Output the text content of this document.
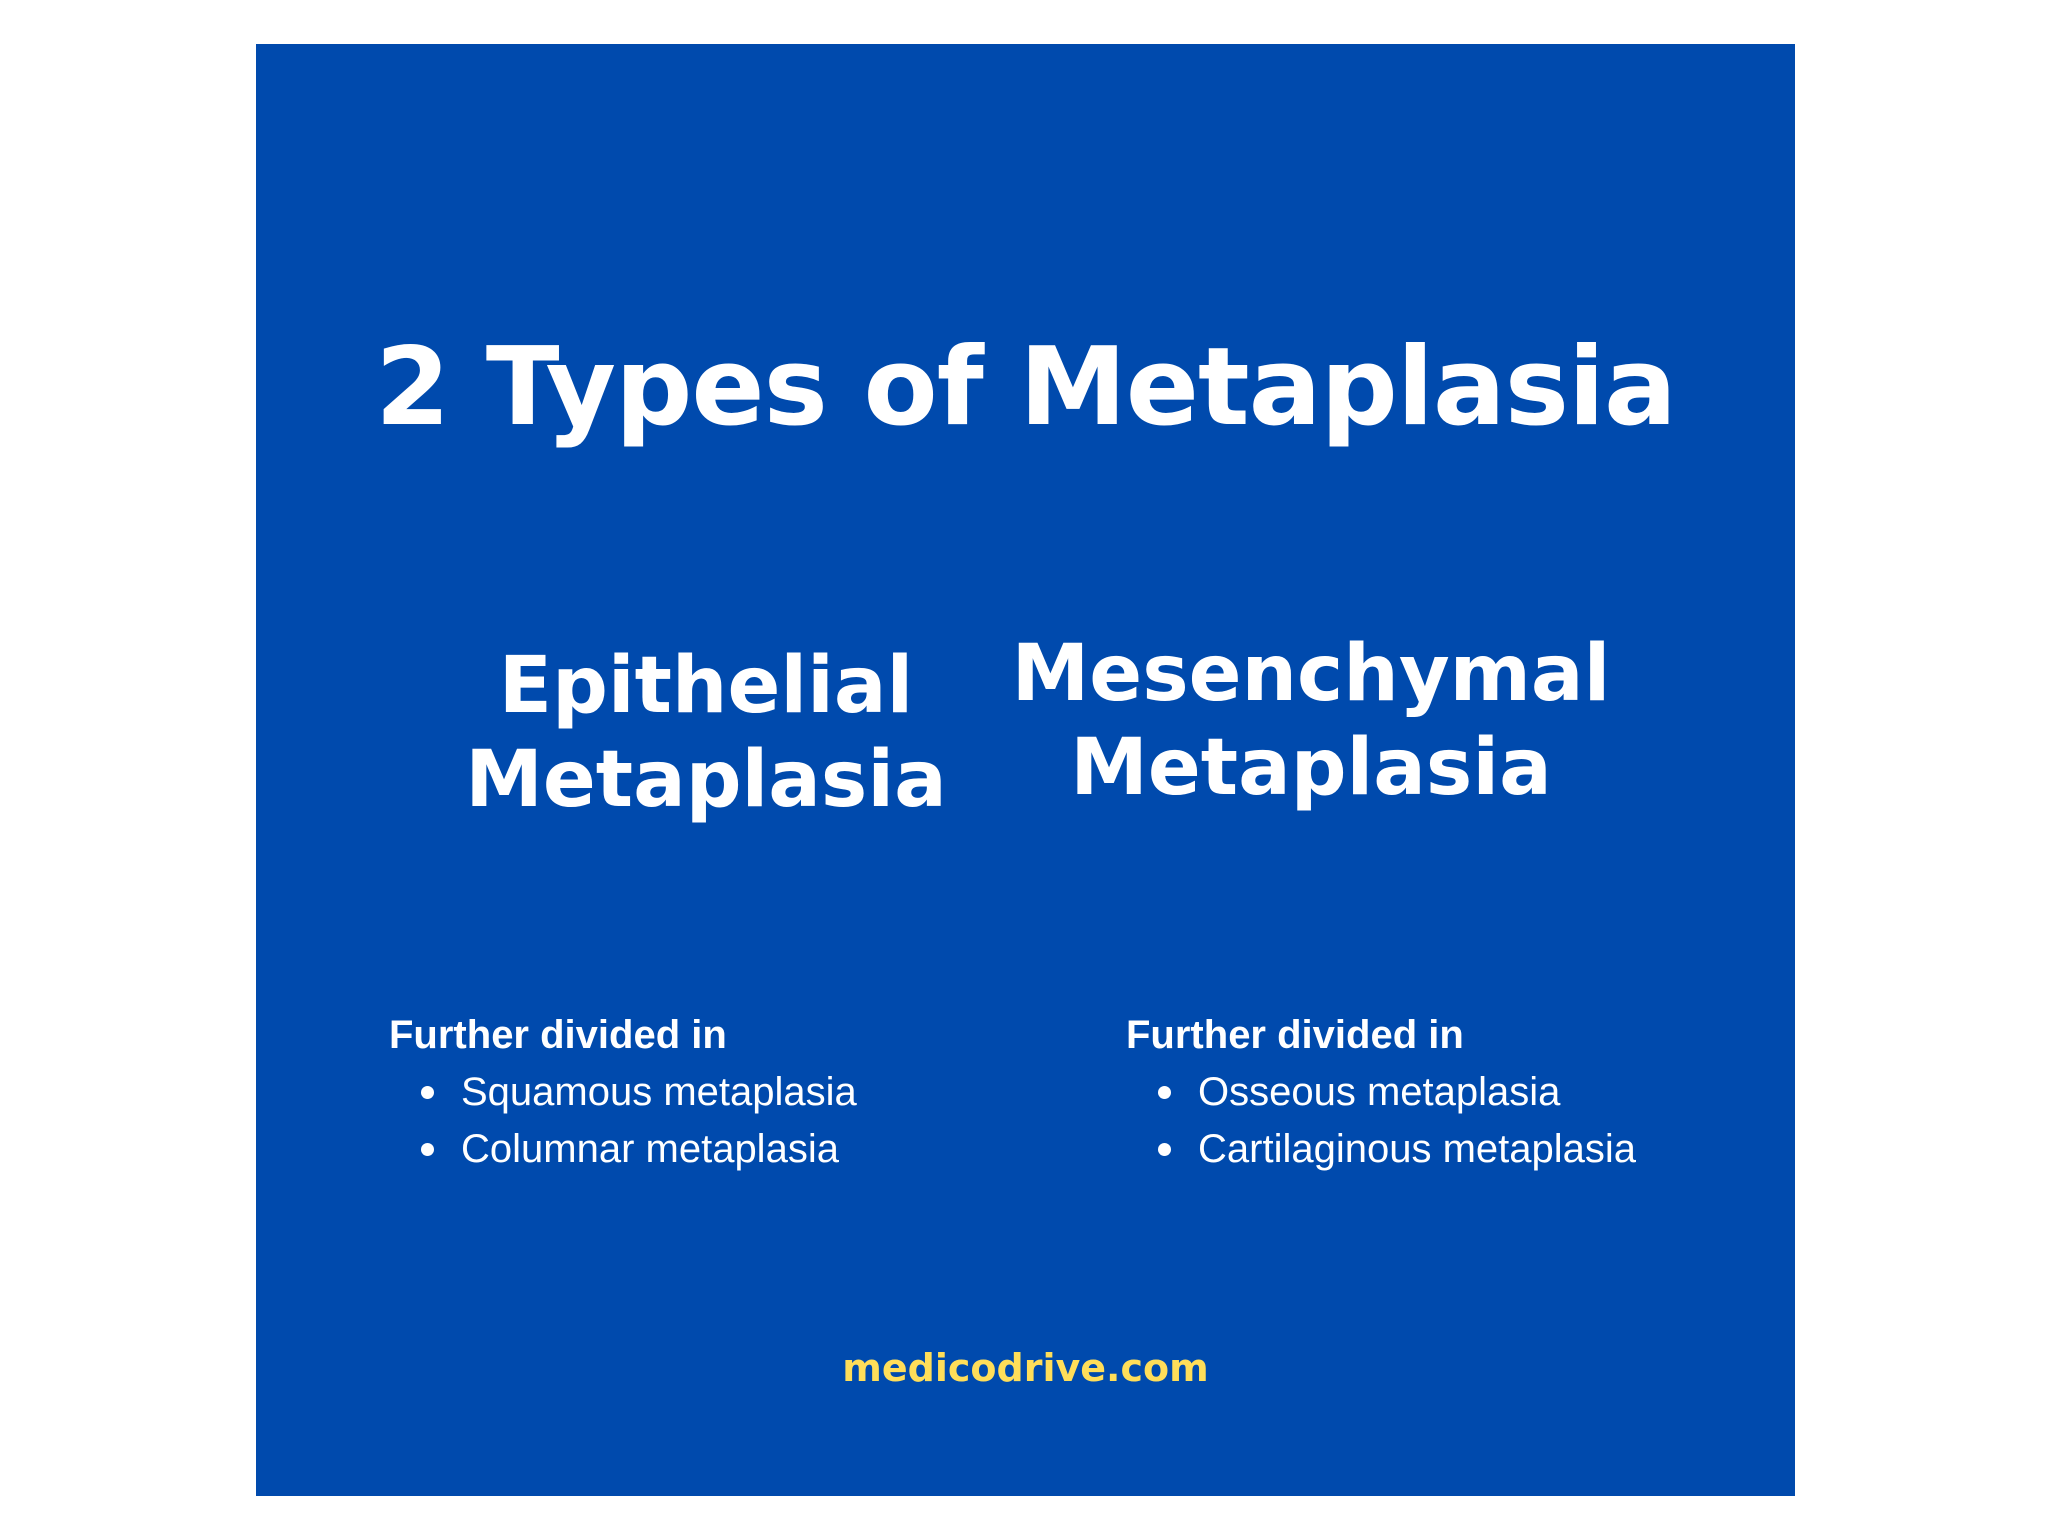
2 Types of Metaplasia
Epithelial
Metaplasia
Mesenchymal
Metaplasia
Further divided in
Squamous metaplasia
Columnar metaplasia
Further divided in
Osseous metaplasia
Cartilaginous metaplasia
medicodrive.com
